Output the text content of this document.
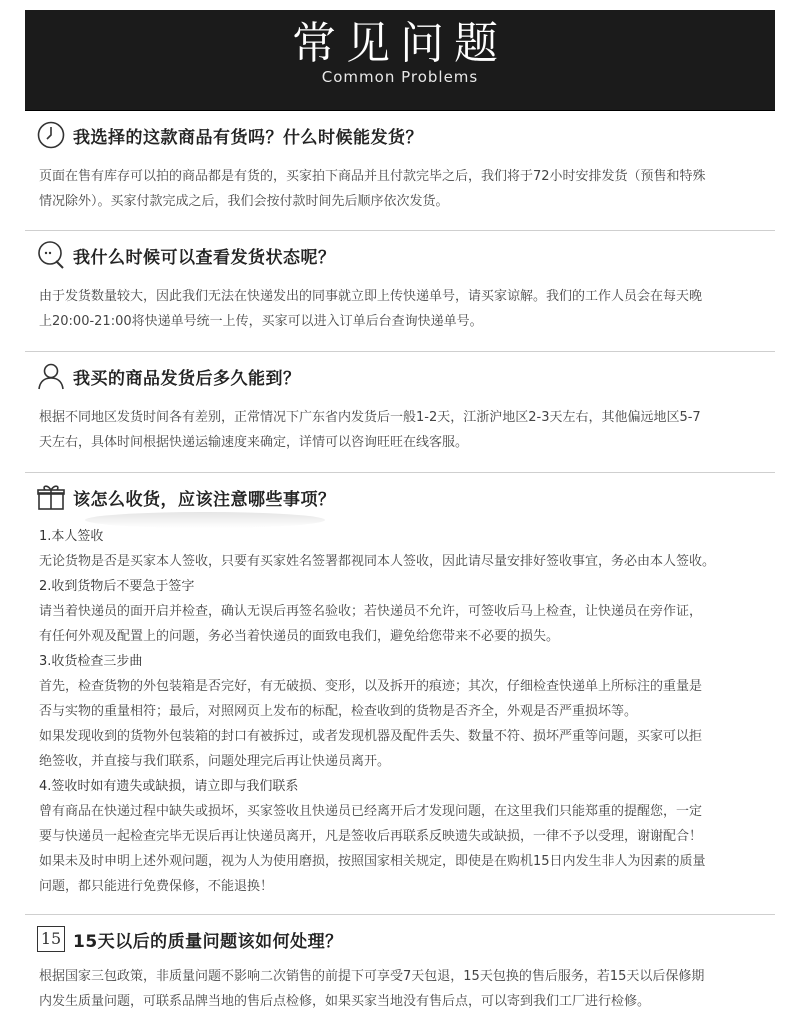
常见问题
Common Problems
我选择的这款商品有货吗？什么时候能发货？

页面在售有库存可以拍的商品都是有货的，买家拍下商品并且付款完毕之后，我们将于72小时安排发货（预售和特殊

情况除外）。买家付款完成之后，我们会按付款时间先后顺序依次发货。

我什么时候可以查看发货状态呢？

由于发货数量较大，因此我们无法在快递发出的同事就立即上传快递单号，请买家谅解。我们的工作人员会在每天晚

上20:00-21:00将快递单号统一上传，买家可以进入订单后台查询快递单号。

我买的商品发货后多久能到？

根据不同地区发货时间各有差别，正常情况下广东省内发货后一般1-2天，江浙沪地区2-3天左右，其他偏远地区5-7

天左右，具体时间根据快递运输速度来确定，详情可以咨询旺旺在线客服。

该怎么收货，应该注意哪些事项？

1.本人签收

无论货物是否是买家本人签收，只要有买家姓名签署都视同本人签收，因此请尽量安排好签收事宜，务必由本人签收。

2.收到货物后不要急于签字

请当着快递员的面开启并检查，确认无误后再签名验收；若快递员不允许，可签收后马上检查，让快递员在旁作证，

有任何外观及配置上的问题，务必当着快递员的面致电我们，避免给您带来不必要的损失。

3.收货检查三步曲

首先，检查货物的外包装箱是否完好，有无破损、变形，以及拆开的痕迹；其次，仔细检查快递单上所标注的重量是

否与实物的重量相符；最后，对照网页上发布的标配，检查收到的货物是否齐全，外观是否严重损坏等。

如果发现收到的货物外包装箱的封口有被拆过，或者发现机器及配件丢失、数量不符、损坏严重等问题，买家可以拒

绝签收，并直接与我们联系，问题处理完后再让快递员离开。

4.签收时如有遗失或缺损，请立即与我们联系

曾有商品在快递过程中缺失或损坏，买家签收且快递员已经离开后才发现问题，在这里我们只能郑重的提醒您，一定

要与快递员一起检查完毕无误后再让快递员离开，凡是签收后再联系反映遗失或缺损，一律不予以受理，谢谢配合！

如果未及时申明上述外观问题，视为人为使用磨损，按照国家相关规定，即使是在购机15日内发生非人为因素的质量

问题，都只能进行免费保修，不能退换！

15 15天以后的质量问题该如何处理？

根据国家三包政策，非质量问题不影响二次销售的前提下可享受7天包退，15天包换的售后服务，若15天以后保修期

内发生质量问题，可联系品牌当地的售后点检修，如果买家当地没有售后点，可以寄到我们工厂进行检修。
